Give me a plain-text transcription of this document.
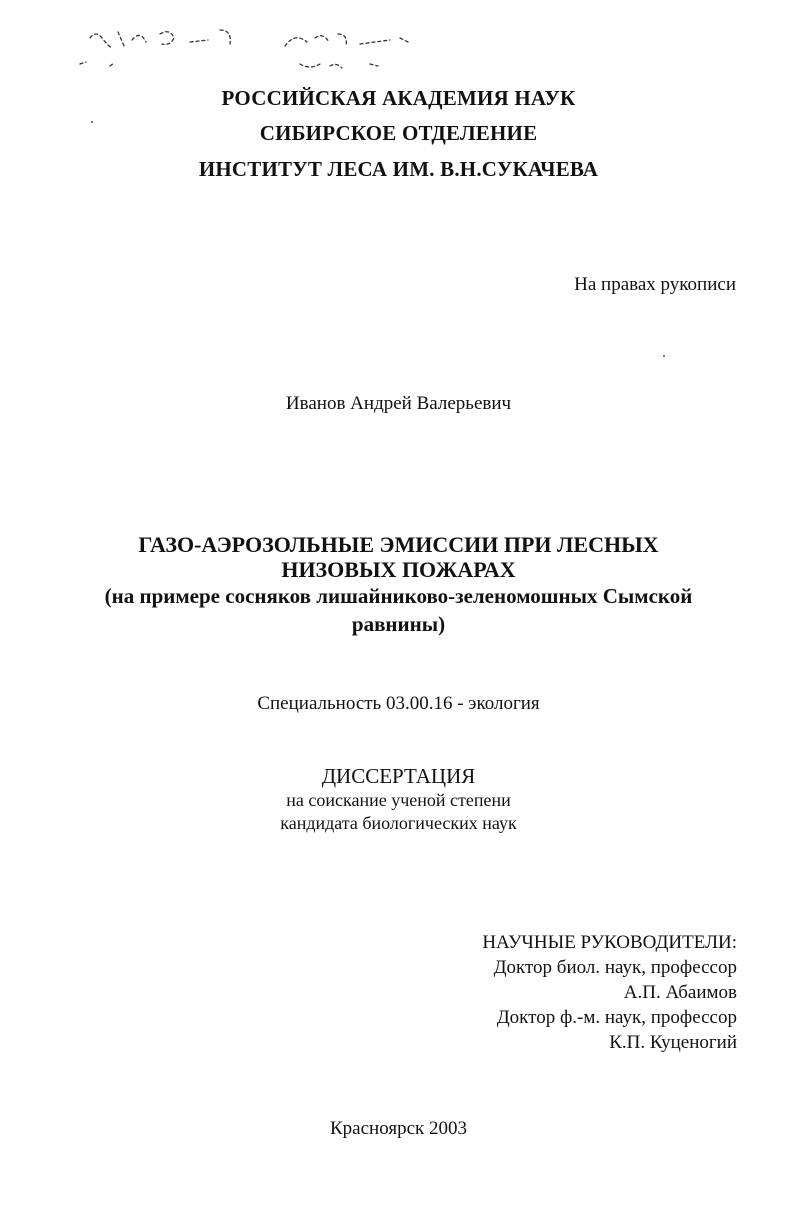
РОССИЙСКАЯ АКАДЕМИЯ НАУК
СИБИРСКОЕ ОТДЕЛЕНИЕ
ИНСТИТУТ ЛЕСА ИМ. В.Н.СУКАЧЕВА
На правах рукописи
Иванов Андрей Валерьевич

ГАЗО-АЭРОЗОЛЬНЫЕ ЭМИССИИ ПРИ ЛЕСНЫХ

НИЗОВЫХ ПОЖАРАХ

(на примере сосняков лишайниково-зеленомошных Сымской

равнины)

Специальность 03.00.16 - экология
ДИССЕРТАЦИЯ
на соискание ученой степени
кандидата биологических наук
НАУЧНЫЕ РУКОВОДИТЕЛИ:
Доктор биол. наук, профессор
А.П. Абаимов
Доктор ф.-м. наук, профессор
К.П. Куценогий
Красноярск 2003
